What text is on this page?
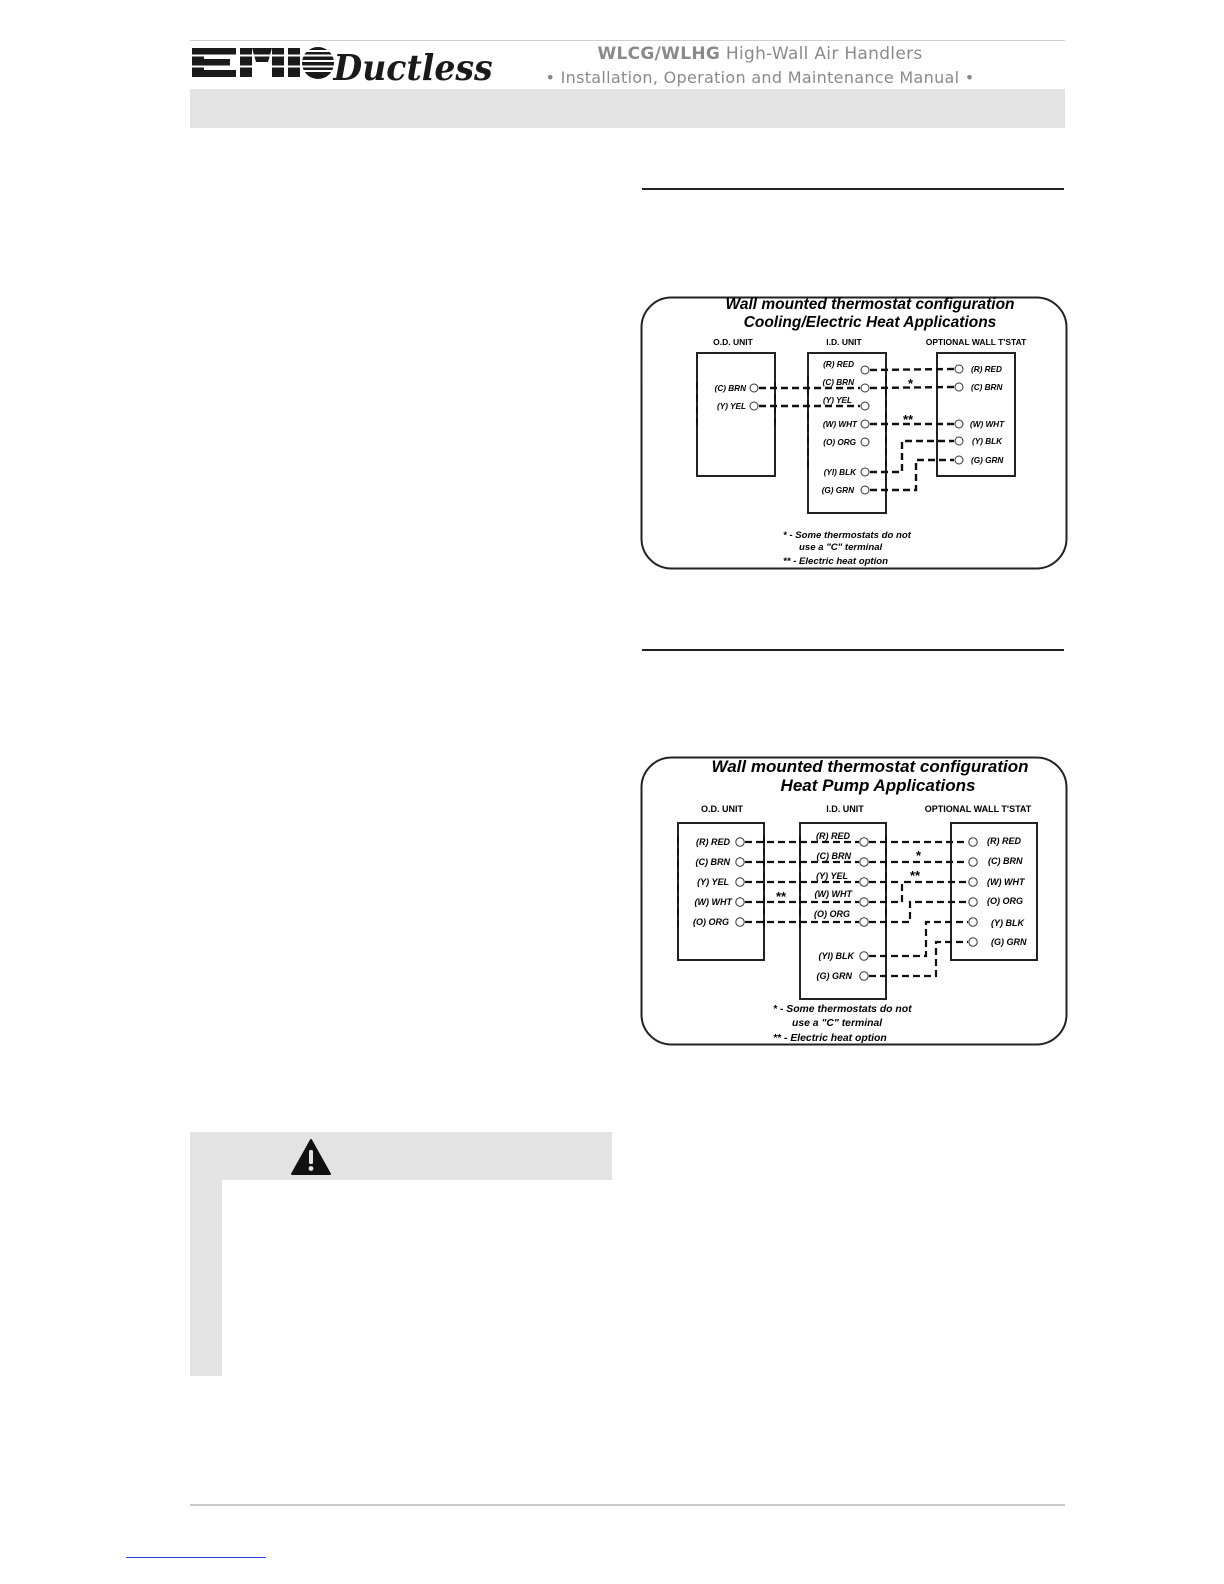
Ductless	WLCG/WLHG High-Wall Air Handlers
• Installation, Operation and Maintenance Manual •
Wall mounted thermostat configuration
Cooling/Electric Heat Applications
O.D. UNIT	I.D. UNIT	OPTIONAL WALL T'STAT
(C) BRN
(Y) YEL
(R) RED
(C) BRN
(Y) YEL
(W) WHT
(O) ORG
(Yl) BLK
(G) GRN
(R) RED
(C) BRN
(W) WHT
(Y) BLK
(G) GRN
*
**
* - Some thermostats do not
use a "C" terminal
** - Electric heat option
Wall mounted thermostat configuration
Heat Pump Applications
O.D. UNIT	I.D. UNIT	OPTIONAL WALL T'STAT
(R) RED
(C) BRN
(Y) YEL
(W) WHT
(O) ORG
(R) RED
(C) BRN
(Y) YEL
(W) WHT
(O) ORG
(Yl) BLK
(G) GRN
(R) RED
(C) BRN
(W) WHT
(O) ORG
(Y) BLK
(G) GRN
*
**
**
* - Some thermostats do not
use a "C" terminal
** - Electric heat option
